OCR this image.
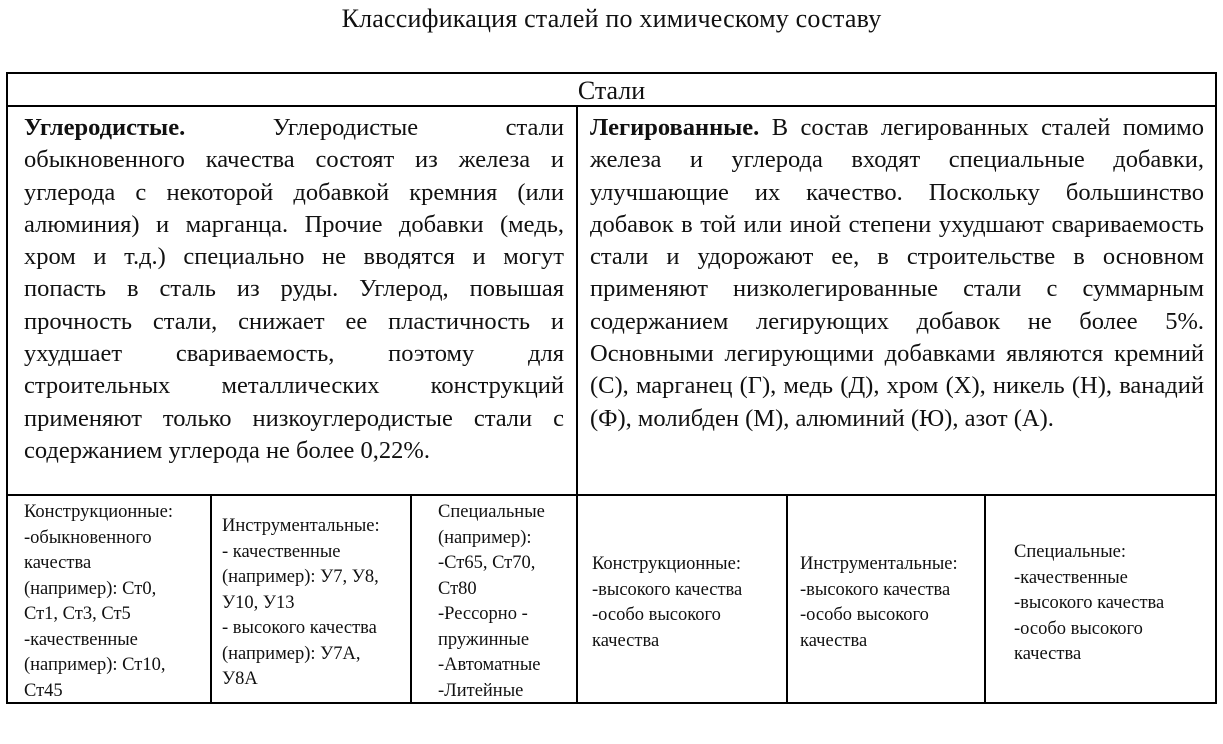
Классификация сталей по химическому составу
Стали
Углеродистые.	Углеродистые стали обыкновенного качества состоят из железа и углерода с некоторой добавкой кремния (или алюминия) и марганца. Прочие добавки (медь, хром и т.д.) специально не вводятся и могут попасть в сталь из руды. Углерод, повышая прочность стали, снижает ее пластичность и ухудшает свариваемость, поэтому для строительных металлических конструкций применяют только низкоуглеродистые стали с содержанием углерода не более 0,22%.
Легированные. В состав легированных сталей помимо железа и углерода входят специальные добавки, улучшающие их качество. Поскольку большинство добавок в той или иной степени ухудшают свариваемость стали и удорожают ее, в строительстве в основном применяют низколегированные стали с суммарным содержанием легирующих добавок не более 5%. Основными легирующими добавками являются кремний (С), марганец (Г), медь (Д), хром (Х), никель (Н), ванадий (Ф), молибден (М), алюминий (Ю), азот (А).
Конструкционные:
-обыкновенного
качества
(например): Ст0,
Ст1, Ст3, Ст5
-качественные
(например): Ст10,
Ст45
Инструментальные:
- качественные
(например): У7, У8,
У10, У13
- высокого качества
(например): У7А,
У8А
Специальные
(например):
-Ст65, Ст70,
Ст80
-Рессорно -
пружинные
-Автоматные
-Литейные
Конструкционные:
-высокого качества
-особо высокого
качества
Инструментальные:
-высокого качества
-особо высокого
качества
Специальные:
-качественные
-высокого качества
-особо высокого
качества
